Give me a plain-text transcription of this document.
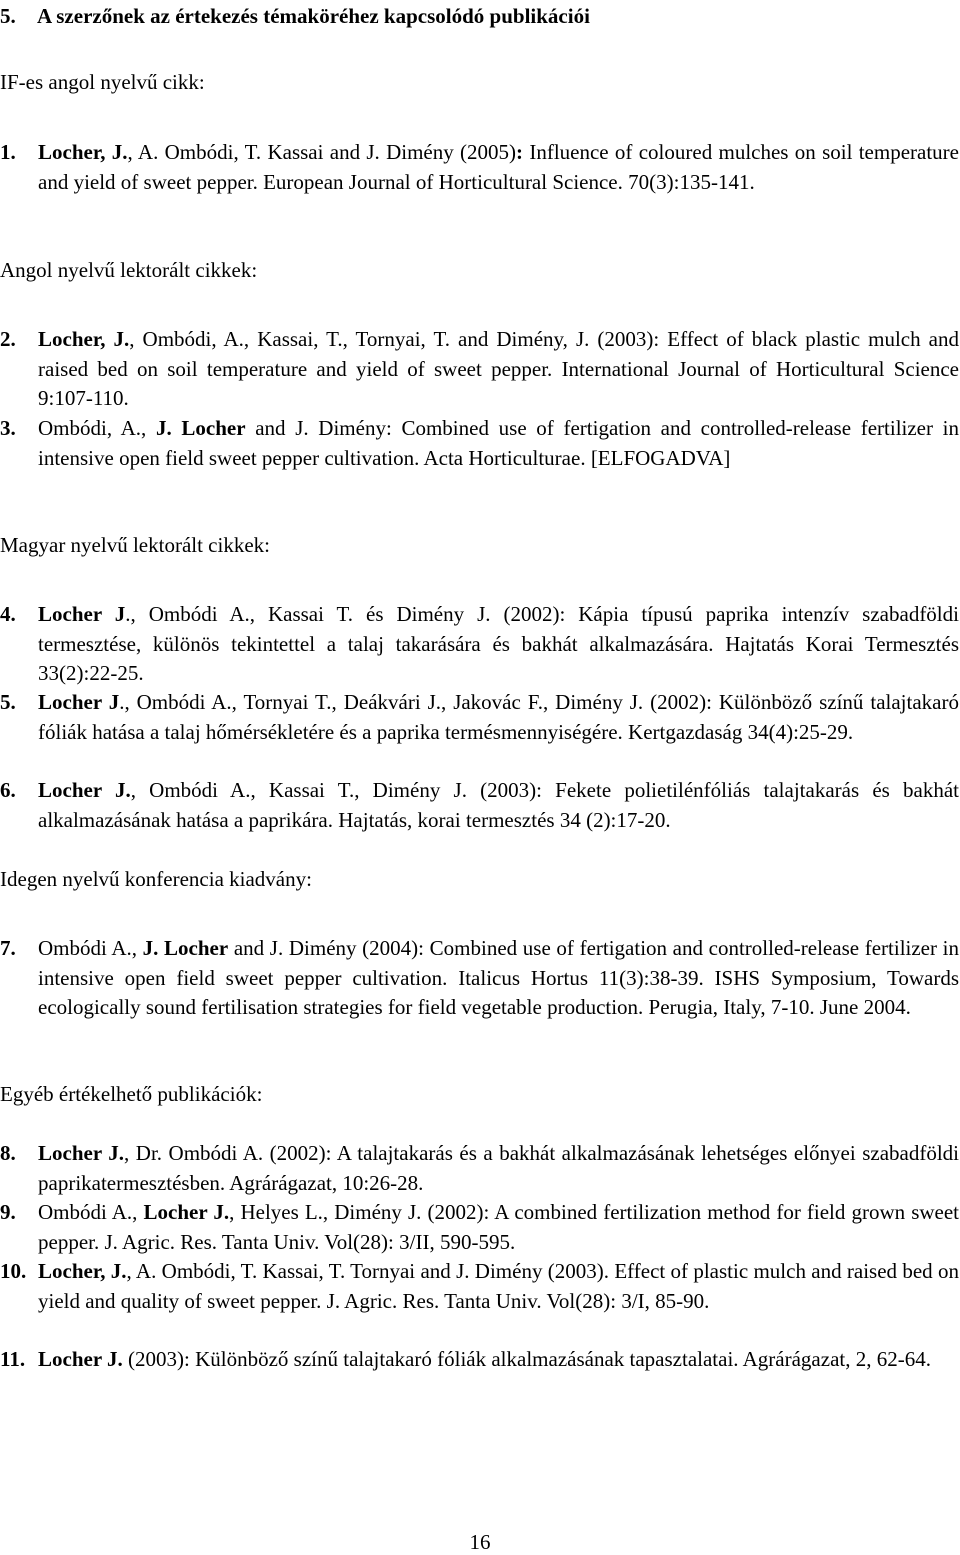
5. A szerzőnek az értekezés témaköréhez kapcsolódó publikációi
IF-es angol nyelvű cikk:
1.	Locher, J., A. Ombódi, T. Kassai and J. Dimény (2005): Influence of coloured mulches on soil temperature and yield of sweet pepper. European Journal of Horticultural Science. 70(3):135-141.
Angol nyelvű lektorált cikkek:
2.	Locher, J., Ombódi, A., Kassai, T., Tornyai, T. and Dimény, J. (2003): Effect of black plastic mulch and raised bed on soil temperature and yield of sweet pepper. International Journal of Horticultural Science 9:107-110.
3.	Ombódi, A., J. Locher and J. Dimény: Combined use of fertigation and controlled-release fertilizer in intensive open field sweet pepper cultivation. Acta Horticulturae. [ELFOGADVA]
Magyar nyelvű lektorált cikkek:
4.	Locher J., Ombódi A., Kassai T. és Dimény J. (2002): Kápia típusú paprika intenzív szabadföldi termesztése, különös tekintettel a talaj takarására és bakhát alkalmazására. Hajtatás Korai Termesztés 33(2):22-25.
5.	Locher J., Ombódi A., Tornyai T., Deákvári J., Jakovác F., Dimény J. (2002): Különböző színű talajtakaró fóliák hatása a talaj hőmérsékletére és a paprika termésmennyiségére. Kertgazdaság 34(4):25-29.
6.	Locher J., Ombódi A., Kassai T., Dimény J. (2003): Fekete polietilénfóliás talajtakarás és bakhát alkalmazásának hatása a paprikára. Hajtatás, korai termesztés 34 (2):17-20.
Idegen nyelvű konferencia kiadvány:
7.	Ombódi A., J. Locher and J. Dimény (2004): Combined use of fertigation and controlled-release fertilizer in intensive open field sweet pepper cultivation. Italicus Hortus 11(3):38-39. ISHS Symposium, Towards ecologically sound fertilisation strategies for field vegetable production. Perugia, Italy, 7-10. June 2004.
Egyéb értékelhető publikációk:
8.	Locher J., Dr. Ombódi A. (2002): A talajtakarás és a bakhát alkalmazásának lehetséges előnyei szabadföldi paprikatermesztésben. Agrárágazat, 10:26-28.
9.	Ombódi A., Locher J., Helyes L., Dimény J. (2002): A combined fertilization method for field grown sweet pepper. J. Agric. Res. Tanta Univ. Vol(28): 3/II, 590-595.
10. Locher, J., A. Ombódi, T. Kassai, T. Tornyai and J. Dimény (2003). Effect of plastic mulch and raised bed on yield and quality of sweet pepper. J. Agric. Res. Tanta Univ. Vol(28): 3/I, 85-90.
11. Locher J. (2003): Különböző színű talajtakaró fóliák alkalmazásának tapasztalatai. Agrárágazat, 2, 62-64.
16
